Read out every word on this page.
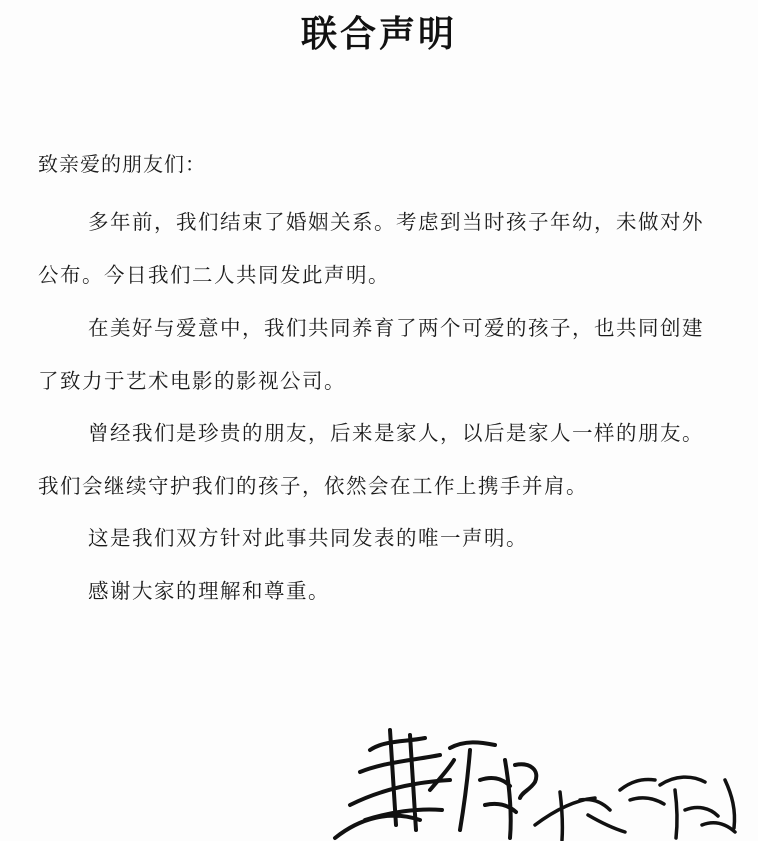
联合声明
致亲爱的朋友们：

多年前，我们结束了婚姻关系。考虑到当时孩子年幼，未做对外公布。今日我们二人共同发此声明。

在美好与爱意中，我们共同养育了两个可爱的孩子，也共同创建了致力于艺术电影的影视公司。

曾经我们是珍贵的朋友，后来是家人，以后是家人一样的朋友。我们会继续守护我们的孩子，依然会在工作上携手并肩。

这是我们双方针对此事共同发表的唯一声明。

感谢大家的理解和尊重。
